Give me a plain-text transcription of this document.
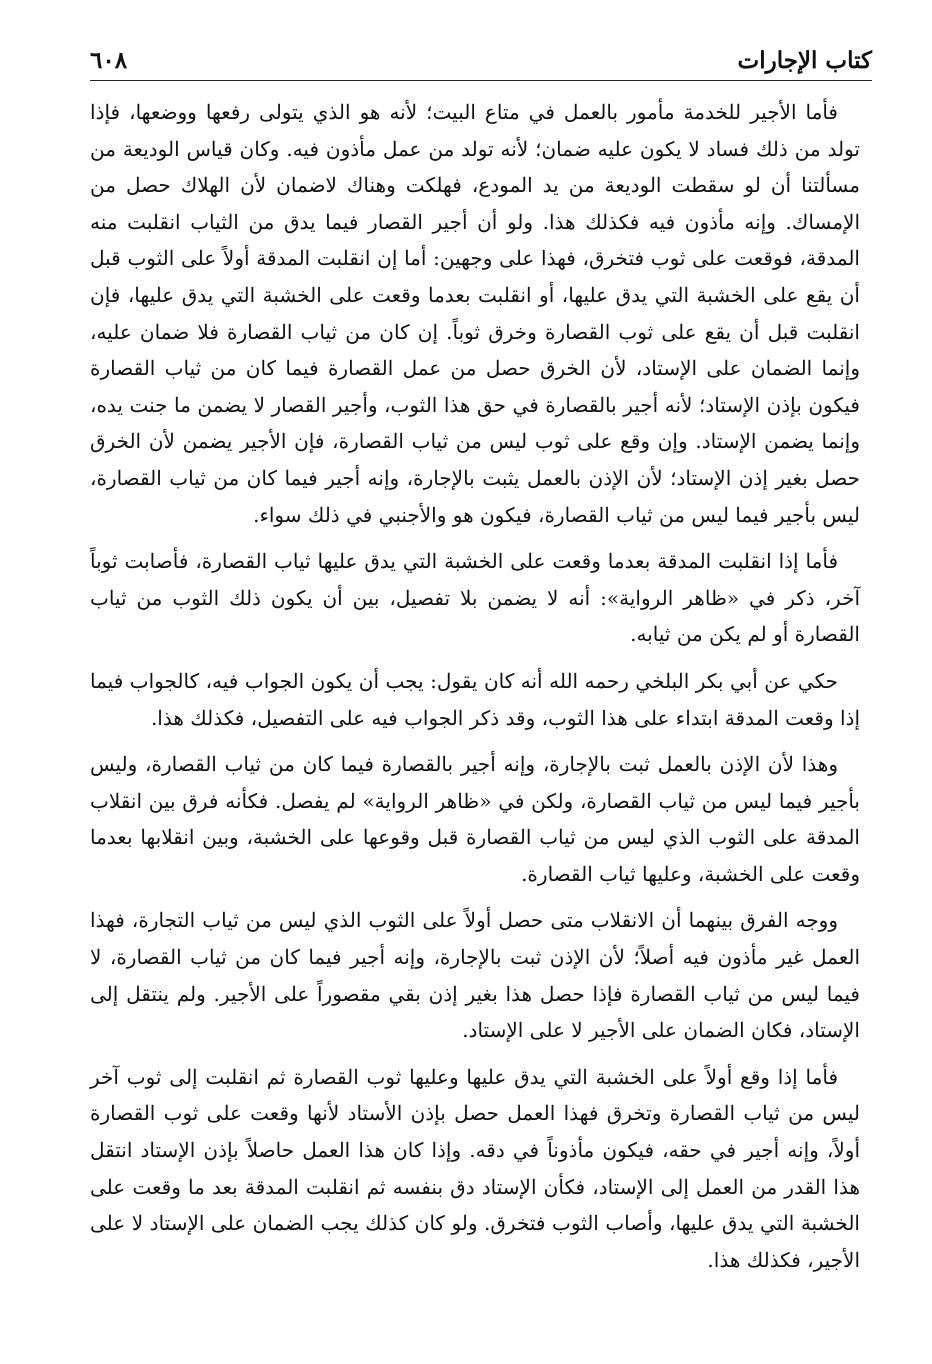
كتاب الإجارات
٦٠٨

فأما الأجير للخدمة مأمور بالعمل في متاع البيت؛ لأنه هو الذي يتولى رفعها ووضعها، فإذا تولد من ذلك فساد لا يكون عليه ضمان؛ لأنه تولد من عمل مأذون فيه. وكان قياس الوديعة من مسألتنا أن لو سقطت الوديعة من يد المودع، فهلكت وهناك لاضمان لأن الهلاك حصل من الإمساك. وإنه مأذون فيه فكذلك هذا. ولو أن أجير القصار فيما يدق من الثياب انقلبت منه المدقة، فوقعت على ثوب فتخرق، فهذا على وجهين: أما إن انقلبت المدقة أولاً على الثوب قبل أن يقع على الخشبة التي يدق عليها، أو انقلبت بعدما وقعت على الخشبة التي يدق عليها، فإن انقلبت قبل أن يقع على ثوب القصارة وخرق ثوباً. إن كان من ثياب القصارة فلا ضمان عليه، وإنما الضمان على الإستاد، لأن الخرق حصل من عمل القصارة فيما كان من ثياب القصارة فيكون بإذن الإستاد؛ لأنه أجير بالقصارة في حق هذا الثوب، وأجير القصار لا يضمن ما جنت يده، وإنما يضمن الإستاد. وإن وقع على ثوب ليس من ثياب القصارة، فإن الأجير يضمن لأن الخرق حصل بغير إذن الإستاد؛ لأن الإذن بالعمل يثبت بالإجارة، وإنه أجير فيما كان من ثياب القصارة، ليس بأجير فيما ليس من ثياب القصارة، فيكون هو والأجنبي في ذلك سواء.

فأما إذا انقلبت المدقة بعدما وقعت على الخشبة التي يدق عليها ثياب القصارة، فأصابت ثوباً آخر، ذكر في «ظاهر الرواية»: أنه لا يضمن بلا تفصيل، بين أن يكون ذلك الثوب من ثياب القصارة أو لم يكن من ثيابه.

حكي عن أبي بكر البلخي رحمه الله أنه كان يقول: يجب أن يكون الجواب فيه، كالجواب فيما إذا وقعت المدقة ابتداء على هذا الثوب، وقد ذكر الجواب فيه على التفصيل، فكذلك هذا.

وهذا لأن الإذن بالعمل ثبت بالإجارة، وإنه أجير بالقصارة فيما كان من ثياب القصارة، وليس بأجير فيما ليس من ثياب القصارة، ولكن في «ظاهر الرواية» لم يفصل. فكأنه فرق بين انقلاب المدقة على الثوب الذي ليس من ثياب القصارة قبل وقوعها على الخشبة، وبين انقلابها بعدما وقعت على الخشبة، وعليها ثياب القصارة.

ووجه الفرق بينهما أن الانقلاب متى حصل أولاً على الثوب الذي ليس من ثياب التجارة، فهذا العمل غير مأذون فيه أصلاً؛ لأن الإذن ثبت بالإجارة، وإنه أجير فيما كان من ثياب القصارة، لا فيما ليس من ثياب القصارة فإذا حصل هذا بغير إذن بقي مقصوراً على الأجير. ولم ينتقل إلى الإستاد، فكان الضمان على الأجير لا على الإستاد.

فأما إذا وقع أولاً على الخشبة التي يدق عليها وعليها ثوب القصارة ثم انقلبت إلى ثوب آخر ليس من ثياب القصارة وتخرق فهذا العمل حصل بإذن الأستاد لأنها وقعت على ثوب القصارة أولاً، وإنه أجير في حقه، فيكون مأذوناً في دقه. وإذا كان هذا العمل حاصلاً بإذن الإستاد انتقل هذا القدر من العمل إلى الإستاد، فكأن الإستاد دق بنفسه ثم انقلبت المدقة بعد ما وقعت على الخشبة التي يدق عليها، وأصاب الثوب فتخرق. ولو كان كذلك يجب الضمان على الإستاد لا على الأجير، فكذلك هذا.
